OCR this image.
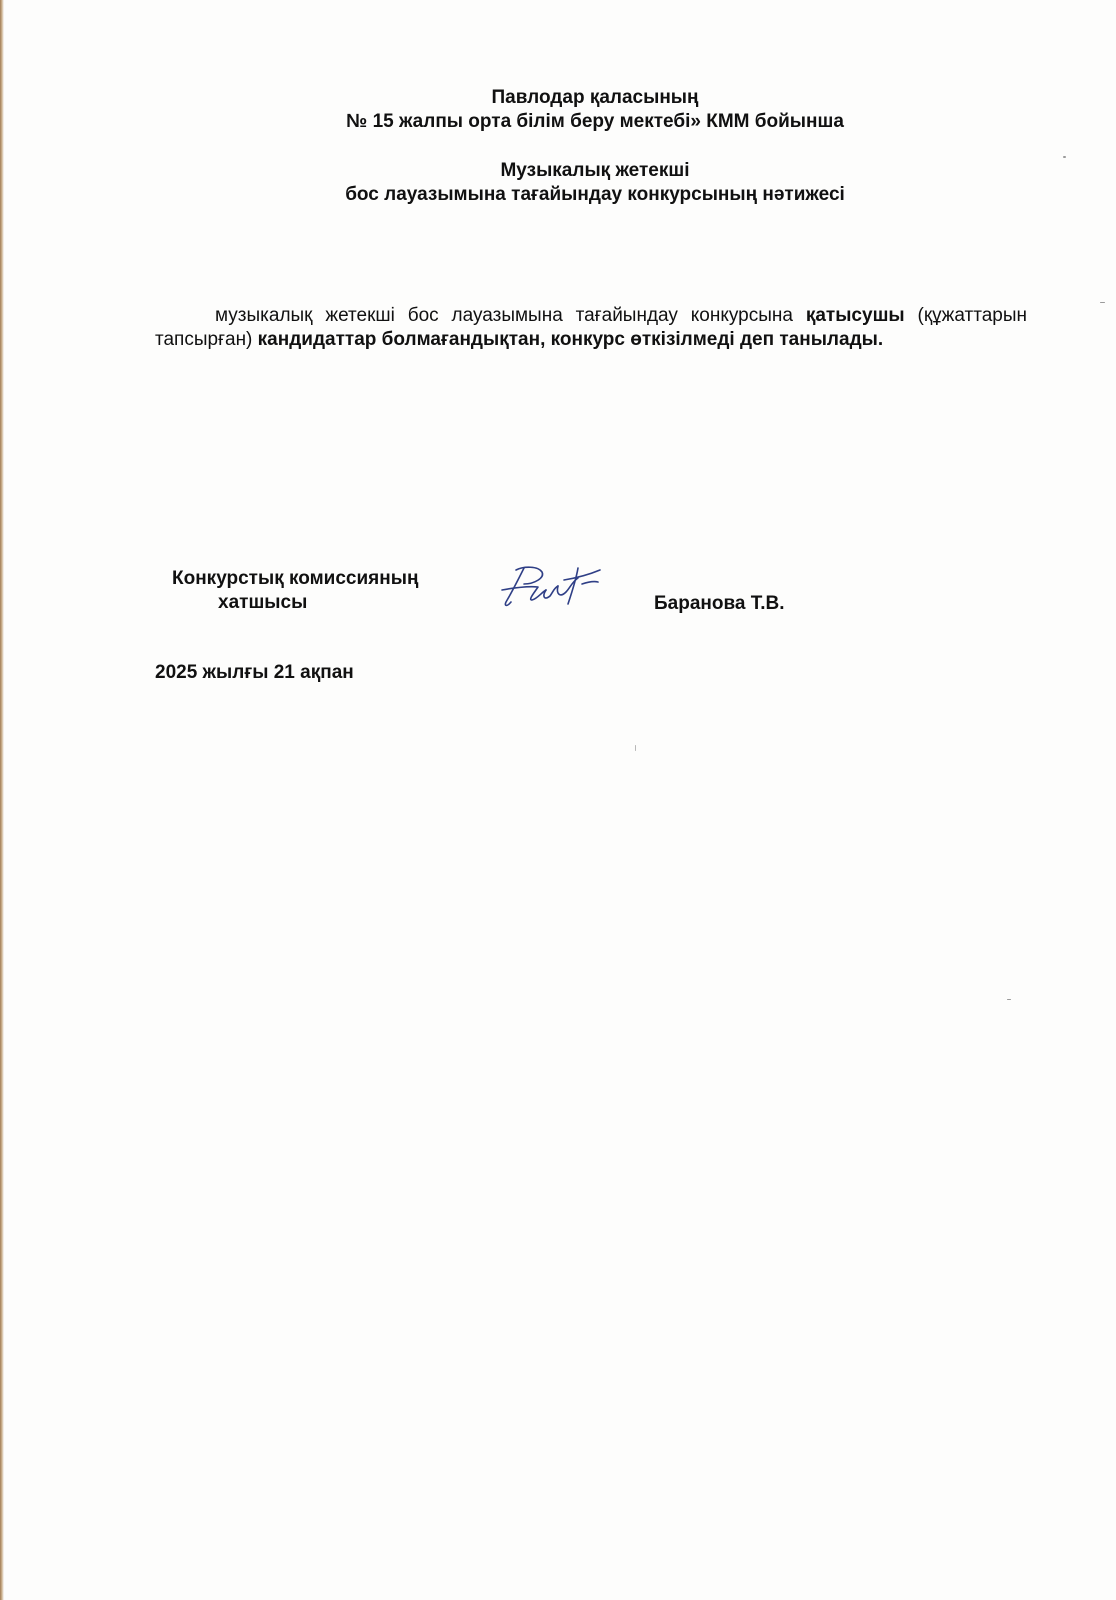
Павлодар қаласының

№ 15 жалпы орта білім беру мектебі» КММ бойынша

Музыкалық жетекші

бос лауазымына тағайындау конкурсының нәтижесі

музыкалық жетекші бос лауазымына тағайындау конкурсына қатысушы (құжаттарын тапсырған) кандидаттар болмағандықтан, конкурс өткізілмеді деп танылады.

Конкурстық комиссияның
хатшысы	Баранова Т.В.
2025 жылғы 21 ақпан
